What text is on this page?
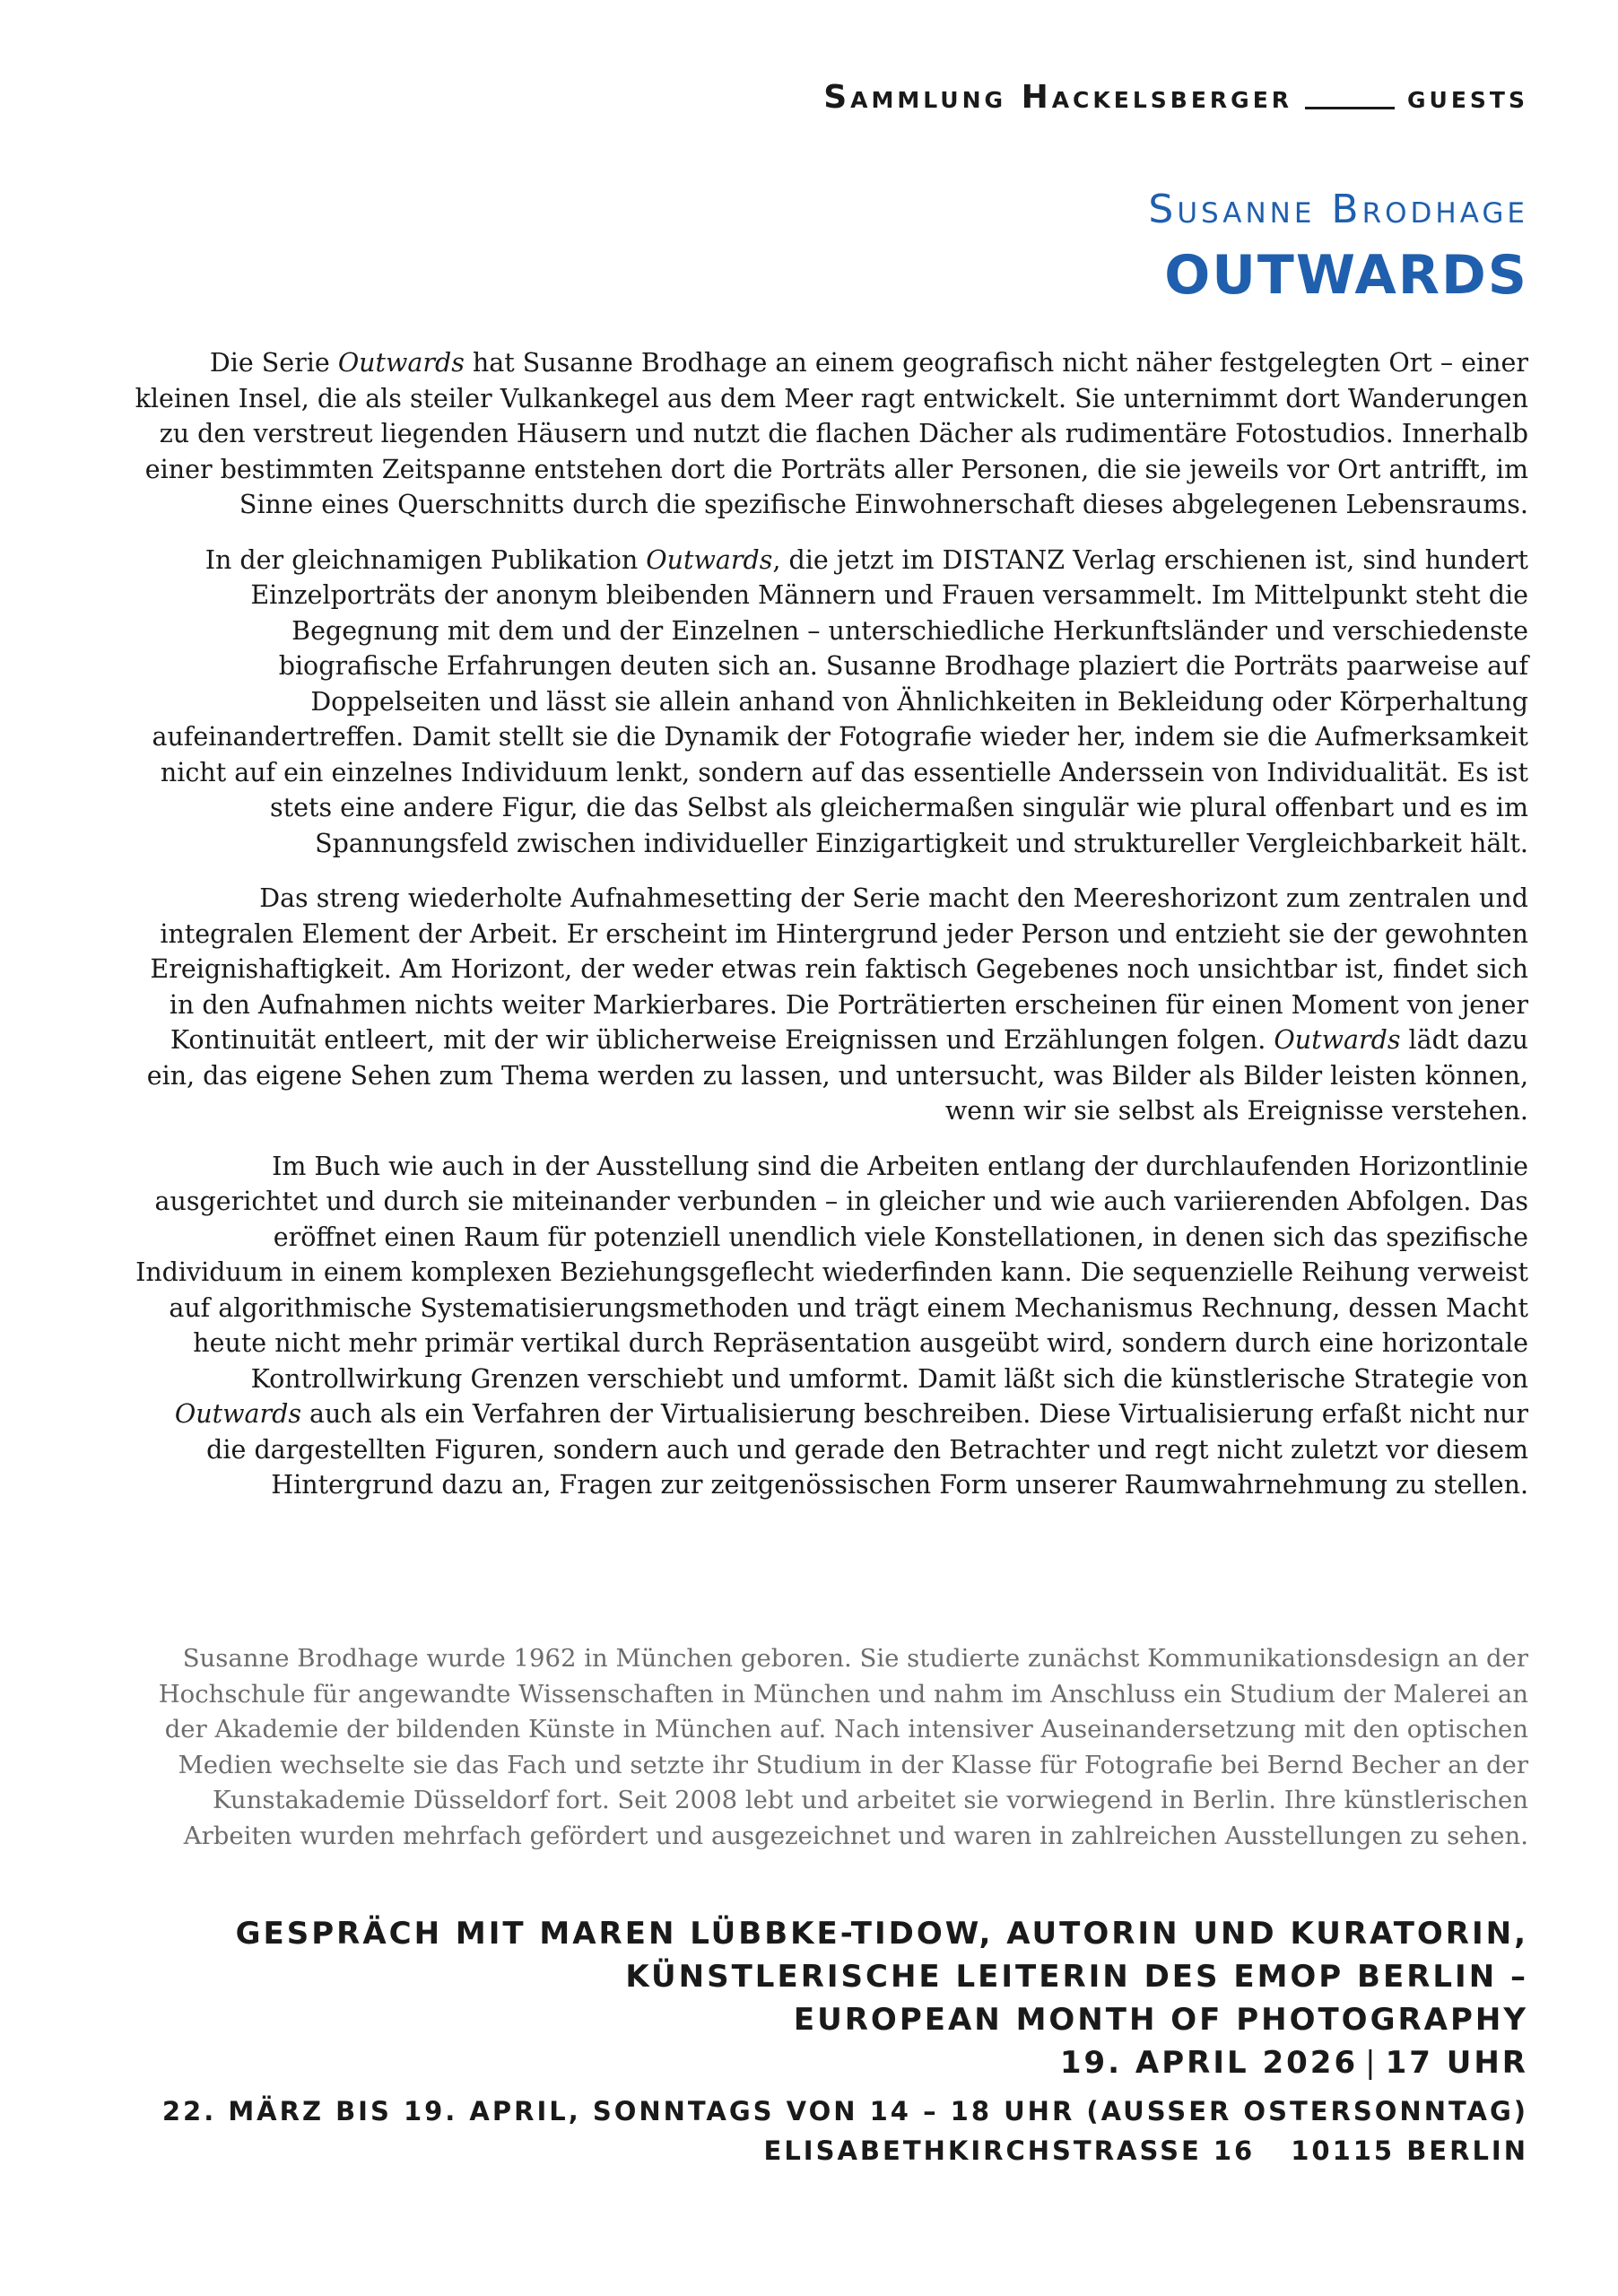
Sammlung Hackelsberger	guests
Susanne Brodhage
OUTWARDS

Die Serie Outwards hat Susanne Brodhage an einem geografisch nicht näher festgelegten Ort – einer kleinen Insel, die als steiler Vulkankegel aus dem Meer ragt entwickelt. Sie unternimmt dort Wanderungen zu den verstreut liegenden Häusern und nutzt die flachen Dächer als rudimentäre Fotostudios. Innerhalb einer bestimmten Zeitspanne entstehen dort die Porträts aller Personen, die sie jeweils vor Ort antrifft, im Sinne eines Querschnitts durch die spezifische Einwohnerschaft dieses abgelegenen Lebensraums.

In der gleichnamigen Publikation Outwards, die jetzt im DISTANZ Verlag erschienen ist, sind hundert Einzelporträts der anonym bleibenden Männern und Frauen versammelt. Im Mittelpunkt steht die Begegnung mit dem und der Einzelnen – unterschiedliche Herkunftsländer und verschiedenste biografische Erfahrungen deuten sich an. Susanne Brodhage plaziert die Porträts paarweise auf Doppelseiten und lässt sie allein anhand von Ähnlichkeiten in Bekleidung oder Körperhaltung aufeinandertreffen. Damit stellt sie die Dynamik der Fotografie wieder her, indem sie die Aufmerksamkeit nicht auf ein einzelnes Individuum lenkt, sondern auf das essentielle Anderssein von Individualität. Es ist stets eine andere Figur, die das Selbst als gleichermaßen singulär wie plural offenbart und es im Spannungsfeld zwischen individueller Einzigartigkeit und struktureller Vergleichbarkeit hält.

Das streng wiederholte Aufnahmesetting der Serie macht den Meereshorizont zum zentralen und integralen Element der Arbeit. Er erscheint im Hintergrund jeder Person und entzieht sie der gewohnten Ereignishaftigkeit. Am Horizont, der weder etwas rein faktisch Gegebenes noch unsichtbar ist, findet sich in den Aufnahmen nichts weiter Markierbares. Die Porträtierten erscheinen für einen Moment von jener Kontinuität entleert, mit der wir üblicherweise Ereignissen und Erzählungen folgen. Outwards lädt dazu ein, das eigene Sehen zum Thema werden zu lassen, und untersucht, was Bilder als Bilder leisten können, wenn wir sie selbst als Ereignisse verstehen.

Im Buch wie auch in der Ausstellung sind die Arbeiten entlang der durchlaufenden Horizontlinie ausgerichtet und durch sie miteinander verbunden – in gleicher und wie auch variierenden Abfolgen. Das eröffnet einen Raum für potenziell unendlich viele Konstellationen, in denen sich das spezifische Individuum in einem komplexen Beziehungsgeflecht wiederfinden kann. Die sequenzielle Reihung verweist auf algorithmische Systematisierungsmethoden und trägt einem Mechanismus Rechnung, dessen Macht heute nicht mehr primär vertikal durch Repräsentation ausgeübt wird, sondern durch eine horizontale Kontrollwirkung Grenzen verschiebt und umformt. Damit läßt sich die künstlerische Strategie von Outwards auch als ein Verfahren der Virtualisierung beschreiben. Diese Virtualisierung erfaßt nicht nur die dargestellten Figuren, sondern auch und gerade den Betrachter und regt nicht zuletzt vor diesem Hintergrund dazu an, Fragen zur zeitgenössischen Form unserer Raumwahrnehmung zu stellen.

Susanne Brodhage wurde 1962 in München geboren. Sie studierte zunächst Kommunikationsdesign an der Hochschule für angewandte Wissenschaften in München und nahm im Anschluss ein Studium der Malerei an der Akademie der bildenden Künste in München auf. Nach intensiver Auseinandersetzung mit den optischen Medien wechselte sie das Fach und setzte ihr Studium in der Klasse für Fotografie bei Bernd Becher an der Kunstakademie Düsseldorf fort. Seit 2008 lebt und arbeitet sie vorwiegend in Berlin. Ihre künstlerischen Arbeiten wurden mehrfach gefördert und ausgezeichnet und waren in zahlreichen Ausstellungen zu sehen.
GESPRÄCH MIT MAREN LÜBBKE-TIDOW, AUTORIN UND KURATORIN,
KÜNSTLERISCHE LEITERIN DES EMOP BERLIN –
EUROPEAN MONTH OF PHOTOGRAPHY
19. APRIL 2026 | 17 UHR
22. MÄRZ BIS 19. APRIL, SONNTAGS VON 14 – 18 UHR (AUSSER OSTERSONNTAG)
ELISABETHKIRCHSTRASSE 16 10115 BERLIN
